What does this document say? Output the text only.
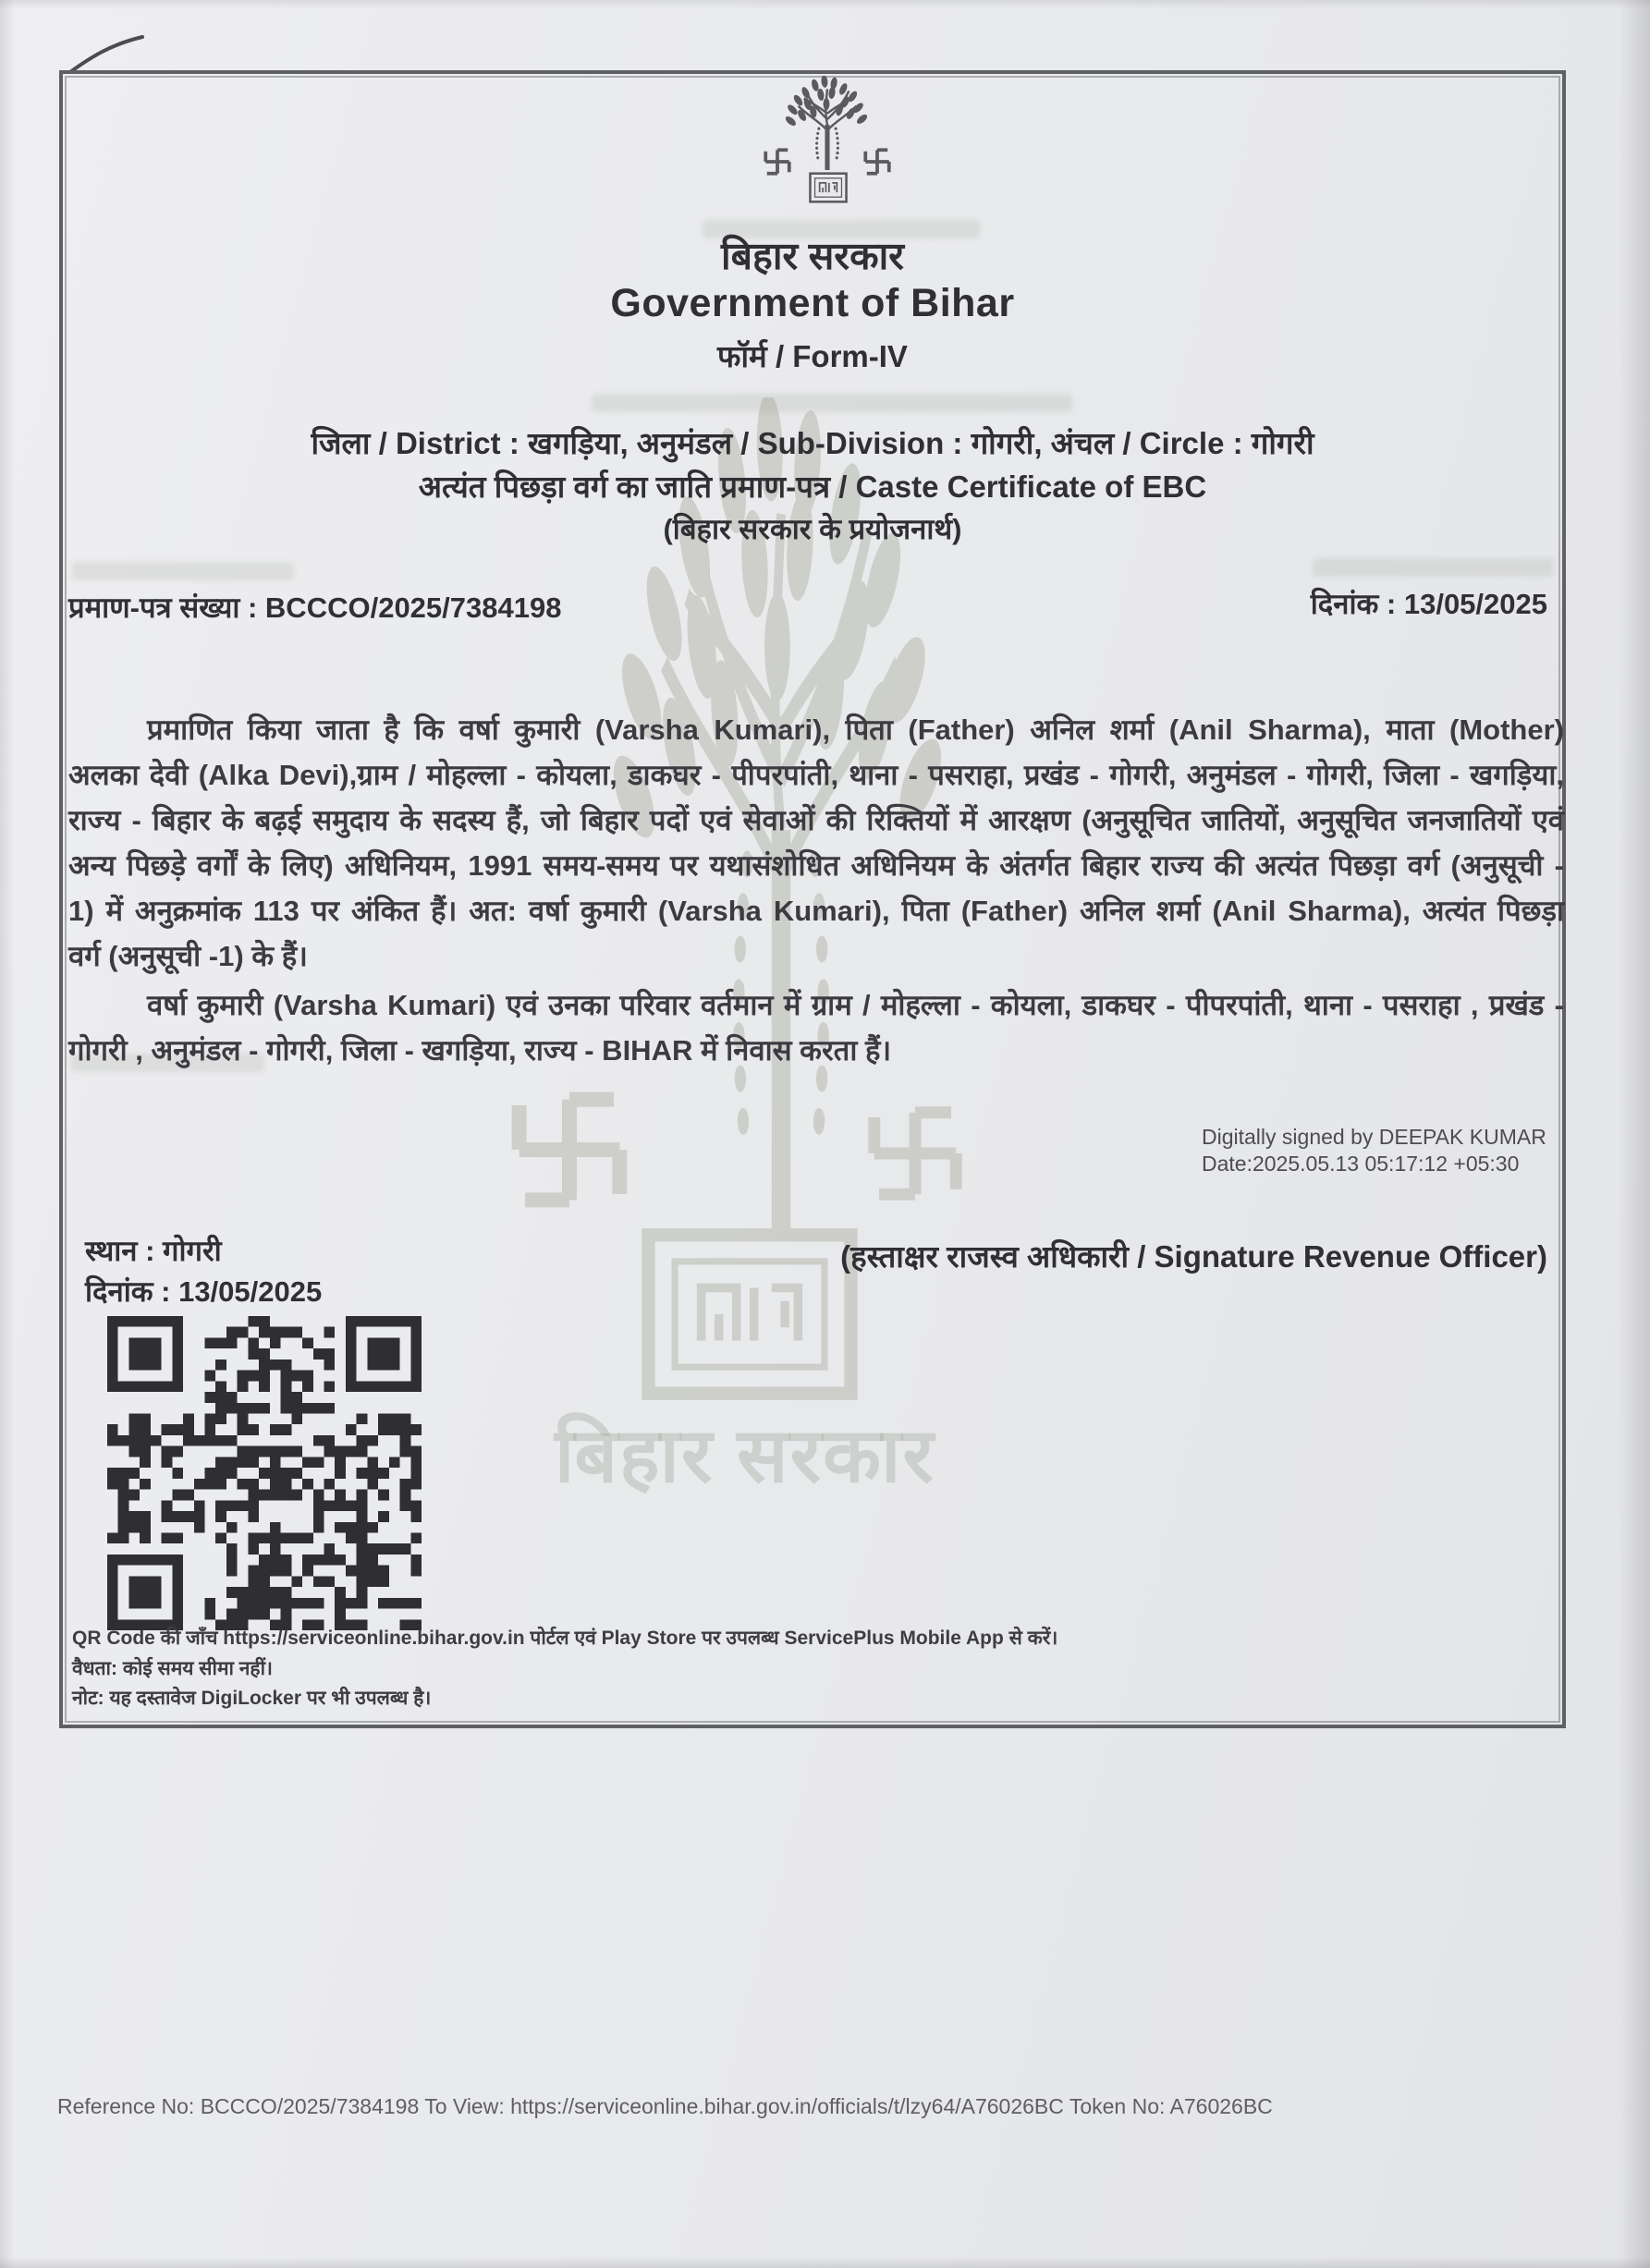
बिहार सरकार
बिहार सरकार
Government of Bihar
फॉर्म / Form-IV
जिला / District : खगड़िया, अनुमंडल / Sub-Division : गोगरी, अंचल / Circle : गोगरी
अत्यंत पिछड़ा वर्ग का जाति प्रमाण-पत्र / Caste Certificate of EBC
(बिहार सरकार के प्रयोजनार्थ)
प्रमाण-पत्र संख्या : BCCCO/2025/7384198	दिनांक : 13/05/2025
प्रमाणित किया जाता है कि वर्षा कुमारी (Varsha Kumari), पिता (Father) अनिल शर्मा (Anil Sharma), माता (Mother)
अलका देवी (Alka Devi),ग्राम / मोहल्ला - कोयला, डाकघर - पीपरपांती, थाना - पसराहा, प्रखंड - गोगरी, अनुमंडल - गोगरी, जिला - खगड़िया,
राज्य - बिहार के बढ़ई समुदाय के सदस्य हैं, जो बिहार पदों एवं सेवाओं की रिक्तियों में आरक्षण (अनुसूचित जातियों, अनुसूचित जनजातियों एवं
अन्य पिछड़े वर्गों के लिए) अधिनियम, 1991 समय-समय पर यथासंशोधित अधिनियम के अंतर्गत बिहार राज्य की अत्यंत पिछड़ा वर्ग (अनुसूची -
1) में अनुक्रमांक 113 पर अंकित हैं। अत: वर्षा कुमारी (Varsha Kumari), पिता (Father) अनिल शर्मा (Anil Sharma), अत्यंत पिछड़ा
वर्ग (अनुसूची -1) के हैं।
वर्षा कुमारी (Varsha Kumari) एवं उनका परिवार वर्तमान में ग्राम / मोहल्ला - कोयला, डाकघर - पीपरपांती, थाना - पसराहा , प्रखंड -
गोगरी , अनुमंडल - गोगरी, जिला - खगड़िया, राज्य - BIHAR में निवास करता हैं।
Digitally signed by DEEPAK KUMAR
Date:2025.05.13 05:17:12 +05:30
(हस्ताक्षर राजस्व अधिकारी / Signature Revenue Officer)
स्थान : गोगरी
दिनांक : 13/05/2025
QR Code की जाँच https://serviceonline.bihar.gov.in पोर्टल एवं Play Store पर उपलब्ध ServicePlus Mobile App से करें।
वैधता: कोई समय सीमा नहीं।
नोट: यह दस्तावेज DigiLocker पर भी उपलब्ध है।
Reference No: BCCCO/2025/7384198 To View: https://serviceonline.bihar.gov.in/officials/t/lzy64/A76026BC Token No: A76026BC
